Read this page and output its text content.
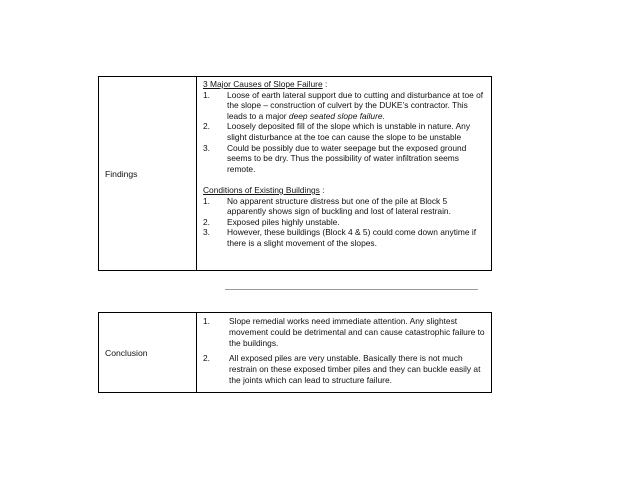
Findings
3 Major Causes of Slope Failure :
1.	Loose of earth lateral support due to cutting and disturbance at toe of the slope – construction of culvert by the DUKE’s contractor. This leads to a major deep seated slope failure.
2.	Loosely deposited fill of the slope which is unstable in nature. Any slight disturbance at the toe can cause the slope to be unstable
3.	Could be possibly due to water seepage but the exposed ground seems to be dry. Thus the possibility of water infiltration seems remote.
Conditions of Existing Buildings :
1.	No apparent structure distress but one of the pile at Block 5 apparently shows sign of buckling and lost of lateral restrain.
2.	Exposed piles highly unstable.
3.	However, these buildings (Block 4 & 5) could come down anytime if there is a slight movement of the slopes.
Conclusion
1.	Slope remedial works need immediate attention. Any slightest movement could be detrimental and can cause catastrophic failure to the buildings.
2.	All exposed piles are very unstable. Basically there is not much restrain on these exposed timber piles and they can buckle easily at the joints which can lead to structure failure.
